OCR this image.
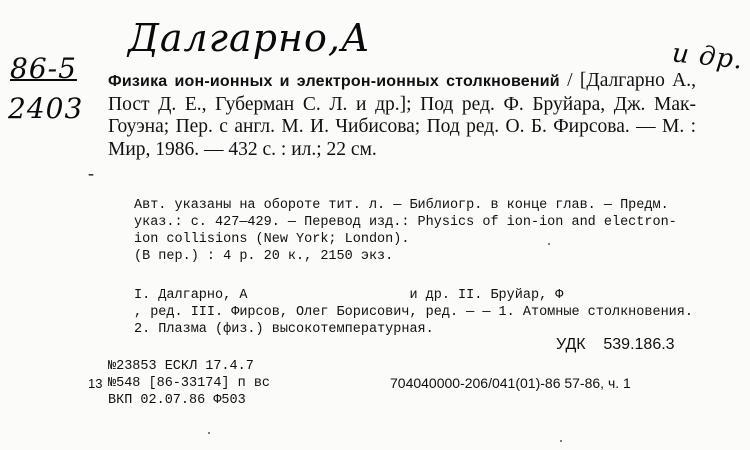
Далгарно,А	и др.
86-5
2403
Физика ион-ионных и электрон-ионных столкновений / [Далгарно А., Пост Д. Е., Губерман С. Л. и др.]; Под ред. Ф. Бруйара, Дж. Мак-Гоуэна; Пер. с англ. М. И. Чибисова; Под ред. О. Б. Фирсова. — М. : Мир, 1986. — 432 с. : ил.; 22 см.
-
Авт. указаны на обороте тит. л. — Библиогр. в конце глав. — Предм. указ.: с. 427—429. — Перевод изд.: Physics of ion-ion and electron-ion collisions (New York; London).
(В пер.) : 4 р. 20 к., 2150 экз.
I. Далгарно, А                    и др. II. Бруйар, Ф                    , ред. III. Фирсов, Олег Борисович, ред. — — 1. Атомные столкновения. 2. Плазма (физ.) высокотемпературная.
УДК    539.186.3
13
№23853 ЕСКЛ 17.4.7
№548 [86-33174] п вс
ВКП 02.07.86 Ф503
704040000-206/041(01)-86 57-86, ч. 1
